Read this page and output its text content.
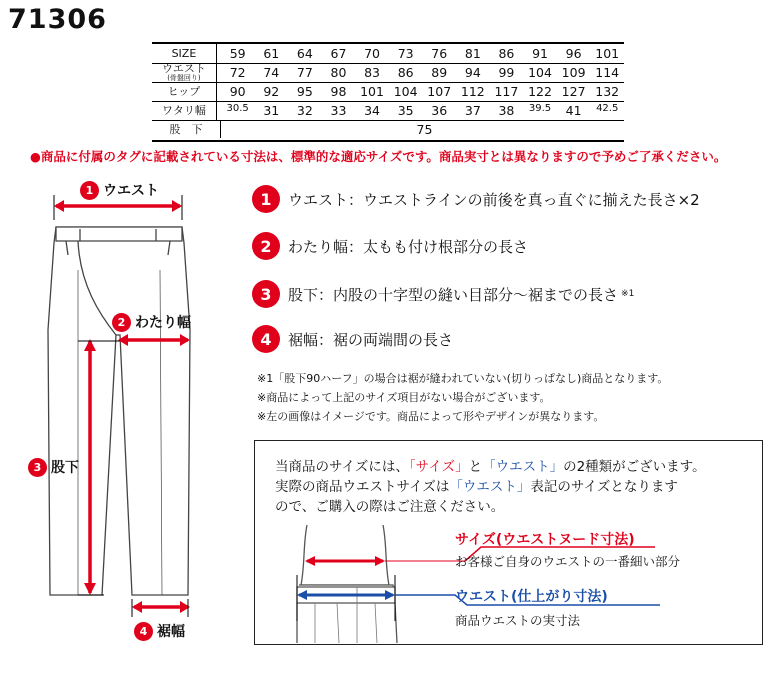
71306
SIZE	59	61	64	67	70	73	76	81	86	91	96	101
ウエスト
(骨盤回り)	72	74	77	80	83	86	89	94	99	104 109 114
ヒップ	90	92	95	98	101 104 107 112 117 122 127 132
ワタリ幅	30.5	31	32	33	34	35	36	37	38	39.5	41	42.5
股　下	75
●商品に付属のタグに記載されている寸法は、標準的な適応サイズです。商品実寸とは異なりますので予めご了承ください。
1 ウエスト
2 わたり幅
3 股下
4 裾幅
1	ウエスト ：ウエストラインの前後を真っ直ぐに揃えた長さ×2
2	わたり幅 ：太もも付け根部分の長さ
3	股下 ：内股の十字型の縫い目部分～裾までの長さ ※1
4	裾幅 ：裾の両端間の長さ
※1「股下90ハーフ」の場合は裾が縫われていない(切りっぱなし)商品となります。
※商品によって上記のサイズ項目がない場合がございます。
※左の画像はイメージです。商品によって形やデザインが異なります。
当商品のサイズには、「サイズ」と「ウエスト」の2種類がございます。
実際の商品ウエストサイズは「ウエスト」表記のサイズとなります
ので、ご購入の際はご注意ください。
サイズ(ウエストヌード寸法)
お客様ご自身のウエストの一番細い部分
ウエスト(仕上がり寸法)
商品ウエストの実寸法
